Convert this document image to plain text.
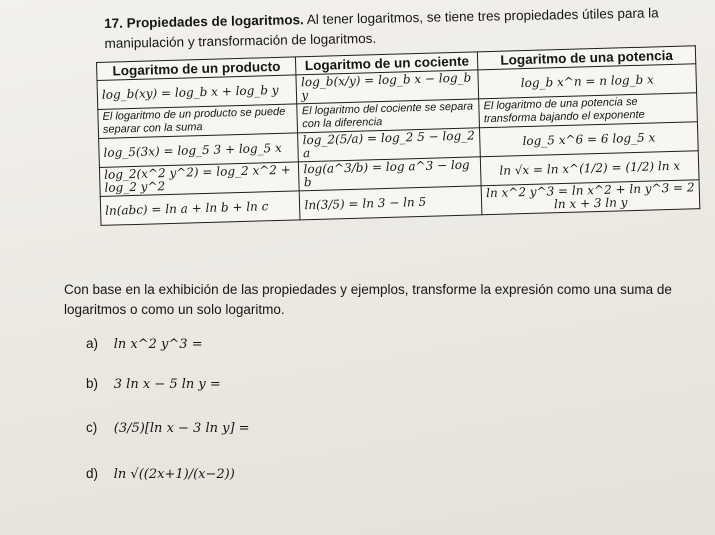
17. Propiedades de logaritmos. Al tener logaritmos, se tiene tres propiedades útiles para la manipulación y transformación de logaritmos.

Logaritmo de un producto	Logaritmo de un cociente	Logaritmo de una potencia
log_b(xy) = log_b x + log_b y	log_b(x/y) = log_b x − log_b y	log_b x^n = n log_b x
El logaritmo de un producto se puede separar con la suma	El logaritmo del cociente se separa con la diferencia	El logaritmo de una potencia se transforma bajando el exponente
log_5(3x) = log_5 3 + log_5 x	log_2(5/a) = log_2 5 − log_2 a	log_5 x^6 = 6 log_5 x
log_2(x^2 y^2) = log_2 x^2 + log_2 y^2	log(a^3/b) = log a^3 − log b	ln √x = ln x^(1/2) = (1/2) ln x
ln(abc) = ln a + ln b + ln c	ln(3/5) = ln 3 − ln 5	ln x^2 y^3 = ln x^2 + ln y^3 = 2 ln x + 3 ln y

Con base en la exhibición de las propiedades y ejemplos, transforme la expresión como una suma de logaritmos o como un solo logaritmo.

a) ln x^2 y^3 =
b) 3 ln x − 5 ln y =
c) (3/5)[ln x − 3 ln y] =
d) ln √((2x+1)/(x−2))
